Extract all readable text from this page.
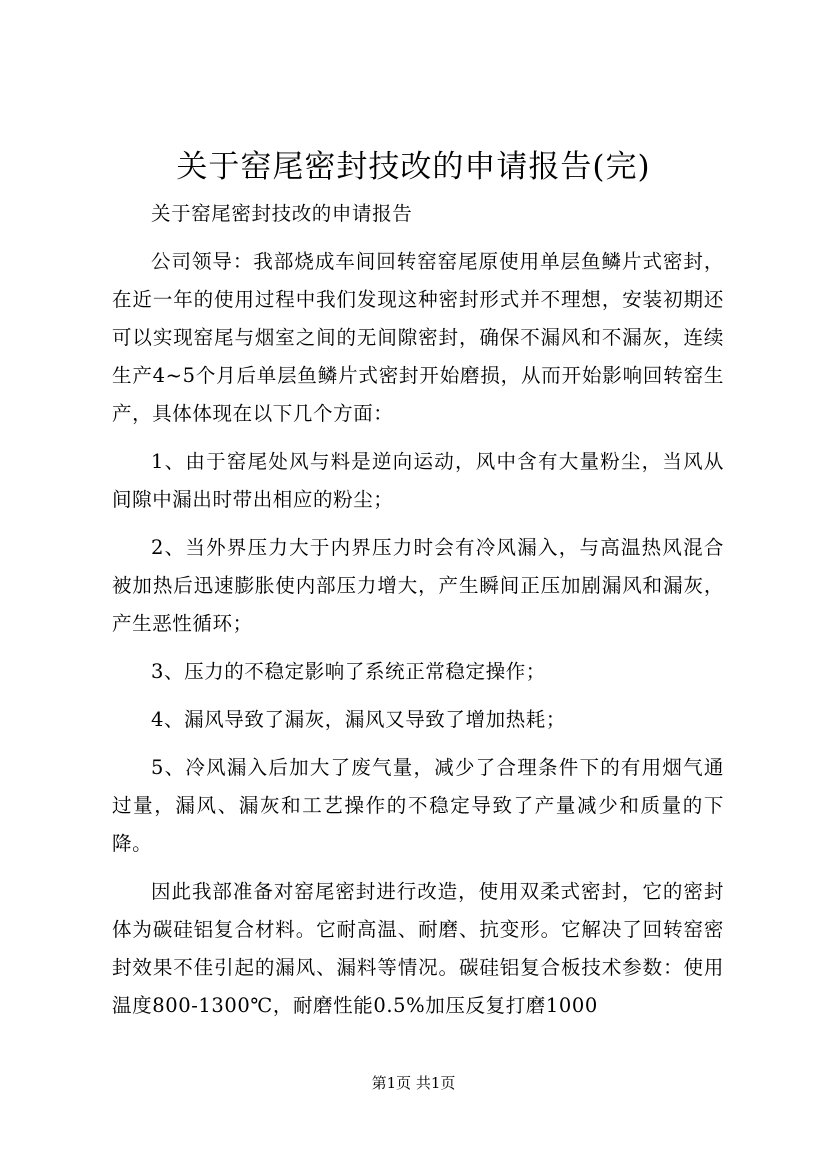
关于窑尾密封技改的申请报告(完)

关于窑尾密封技改的申请报告

公司领导：我部烧成车间回转窑窑尾原使用单层鱼鳞片式密封，在近一年的使用过程中我们发现这种密封形式并不理想，安装初期还可以实现窑尾与烟室之间的无间隙密封，确保不漏风和不漏灰，连续生产4~5个月后单层鱼鳞片式密封开始磨损，从而开始影响回转窑生产，具体体现在以下几个方面：

1、由于窑尾处风与料是逆向运动，风中含有大量粉尘，当风从间隙中漏出时带出相应的粉尘；

2、当外界压力大于内界压力时会有冷风漏入，与高温热风混合被加热后迅速膨胀使内部压力增大，产生瞬间正压加剧漏风和漏灰，产生恶性循环；

3、压力的不稳定影响了系统正常稳定操作；

4、漏风导致了漏灰，漏风又导致了增加热耗；

5、冷风漏入后加大了废气量，减少了合理条件下的有用烟气通过量，漏风、漏灰和工艺操作的不稳定导致了产量减少和质量的下降。

因此我部准备对窑尾密封进行改造，使用双柔式密封，它的密封体为碳硅铝复合材料。它耐高温、耐磨、抗变形。它解决了回转窑密封效果不佳引起的漏风、漏料等情况。碳硅铝复合板技术参数：使用温度800-1300℃，耐磨性能0.5%加压反复打磨1000

第1页 共1页
